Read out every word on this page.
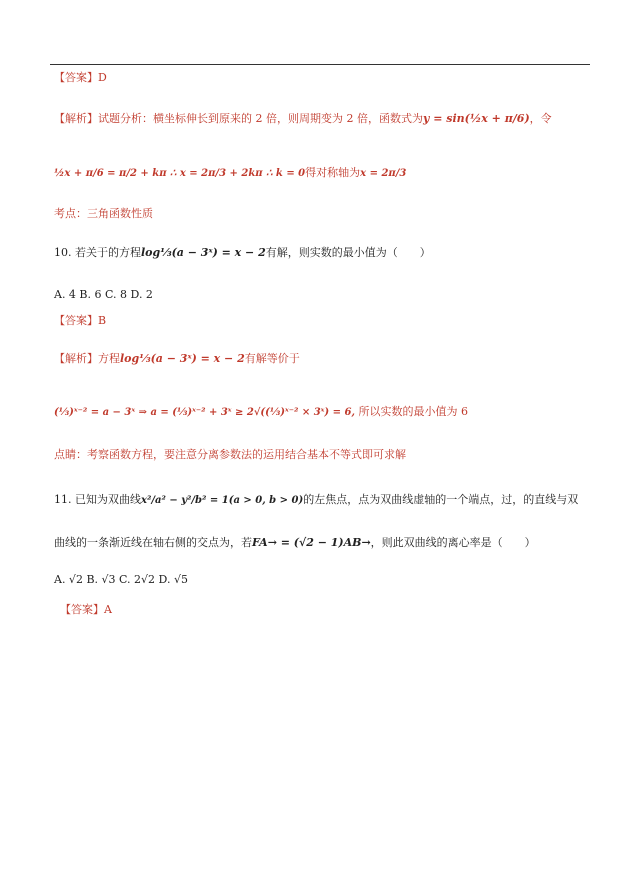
【答案】D
【解析】试题分析：横坐标伸长到原来的 2 倍，则周期变为 2 倍，函数式为y = sin(½x + π/6)，令
½x + π/6 = π/2 + kπ ∴ x = 2π/3 + 2kπ ∴ k = 0得对称轴为x = 2π/3
考点：三角函数性质
10. 若关于的方程log⅓(a − 3ˣ) = x − 2有解，则实数的最小值为（　　）
A. 4 B. 6 C. 8 D. 2
【答案】B
【解析】方程log⅓(a − 3ˣ) = x − 2有解等价于
(⅓)ˣ⁻² = a − 3ˣ ⇒ a = (⅓)ˣ⁻² + 3ˣ ≥ 2√((⅓)ˣ⁻² × 3ˣ) = 6, 所以实数的最小值为 6
点睛：考察函数方程，要注意分离参数法的运用结合基本不等式即可求解
11. 已知为双曲线x²/a² − y²/b² = 1(a > 0, b > 0)的左焦点，点为双曲线虚轴的一个端点，过，的直线与双
曲线的一条渐近线在轴右侧的交点为，若FA→ = (√2 − 1)AB→，则此双曲线的离心率是（　　）
A. √2 B. √3 C. 2√2 D. √5
【答案】A
